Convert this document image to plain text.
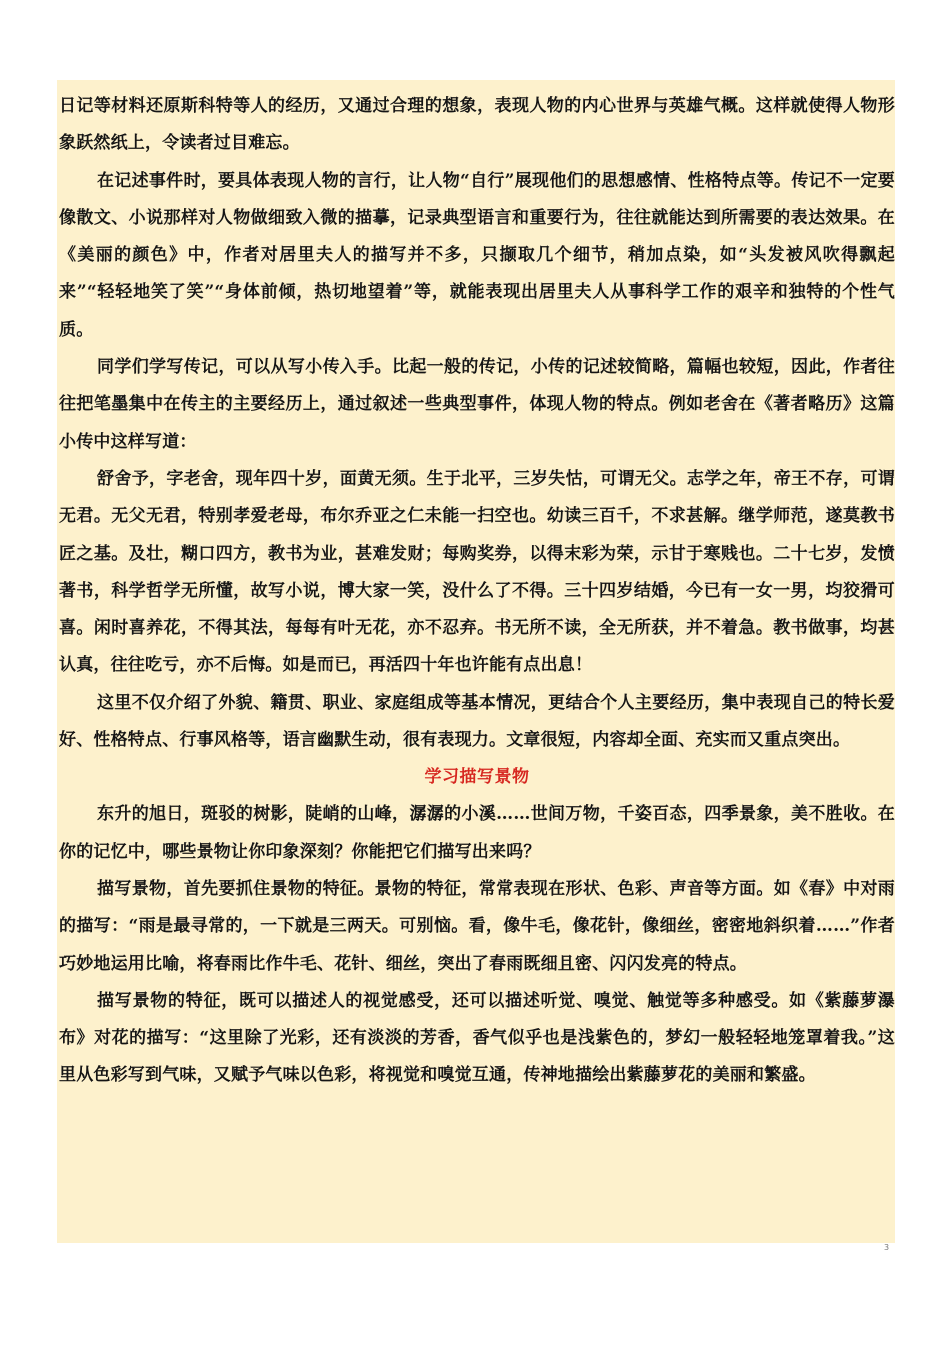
日记等材料还原斯科特等人的经历，又通过合理的想象，表现人物的内心世界与英雄气概。这样就使得人物形象跃然纸上，令读者过目难忘。

在记述事件时，要具体表现人物的言行，让人物“自行”展现他们的思想感情、性格特点等。传记不一定要像散文、小说那样对人物做细致入微的描摹，记录典型语言和重要行为，往往就能达到所需要的表达效果。在《美丽的颜色》中，作者对居里夫人的描写并不多，只撷取几个细节，稍加点染，如“头发被风吹得飘起来”“轻轻地笑了笑”“身体前倾，热切地望着”等，就能表现出居里夫人从事科学工作的艰辛和独特的个性气质。

同学们学写传记，可以从写小传入手。比起一般的传记，小传的记述较简略，篇幅也较短，因此，作者往往把笔墨集中在传主的主要经历上，通过叙述一些典型事件，体现人物的特点。例如老舍在《著者略历》这篇小传中这样写道：

舒舍予，字老舍，现年四十岁，面黄无须。生于北平，三岁失怙，可谓无父。志学之年，帝王不存，可谓无君。无父无君，特别孝爱老母，布尔乔亚之仁未能一扫空也。幼读三百千，不求甚解。继学师范，遂莫教书匠之基。及壮，糊口四方，教书为业，甚难发财；每购奖券，以得末彩为荣，示甘于寒贱也。二十七岁，发愤著书，科学哲学无所懂，故写小说，博大家一笑，没什么了不得。三十四岁结婚，今已有一女一男，均狡猾可喜。闲时喜养花，不得其法，每每有叶无花，亦不忍弃。书无所不读，全无所获，并不着急。教书做事，均甚认真，往往吃亏，亦不后悔。如是而已，再活四十年也许能有点出息！

这里不仅介绍了外貌、籍贯、职业、家庭组成等基本情况，更结合个人主要经历，集中表现自己的特长爱好、性格特点、行事风格等，语言幽默生动，很有表现力。文章很短，内容却全面、充实而又重点突出。

学习描写景物

东升的旭日，斑驳的树影，陡峭的山峰，潺潺的小溪……世间万物，千姿百态，四季景象，美不胜收。在你的记忆中，哪些景物让你印象深刻？你能把它们描写出来吗？

描写景物，首先要抓住景物的特征。景物的特征，常常表现在形状、色彩、声音等方面。如《春》中对雨的描写：“雨是最寻常的，一下就是三两天。可别恼。看，像牛毛，像花针，像细丝，密密地斜织着……”作者巧妙地运用比喻，将春雨比作牛毛、花针、细丝，突出了春雨既细且密、闪闪发亮的特点。

描写景物的特征，既可以描述人的视觉感受，还可以描述听觉、嗅觉、触觉等多种感受。如《紫藤萝瀑布》对花的描写：“这里除了光彩，还有淡淡的芳香，香气似乎也是浅紫色的，梦幻一般轻轻地笼罩着我。”这里从色彩写到气味，又赋予气味以色彩，将视觉和嗅觉互通，传神地描绘出紫藤萝花的美丽和繁盛。

3
